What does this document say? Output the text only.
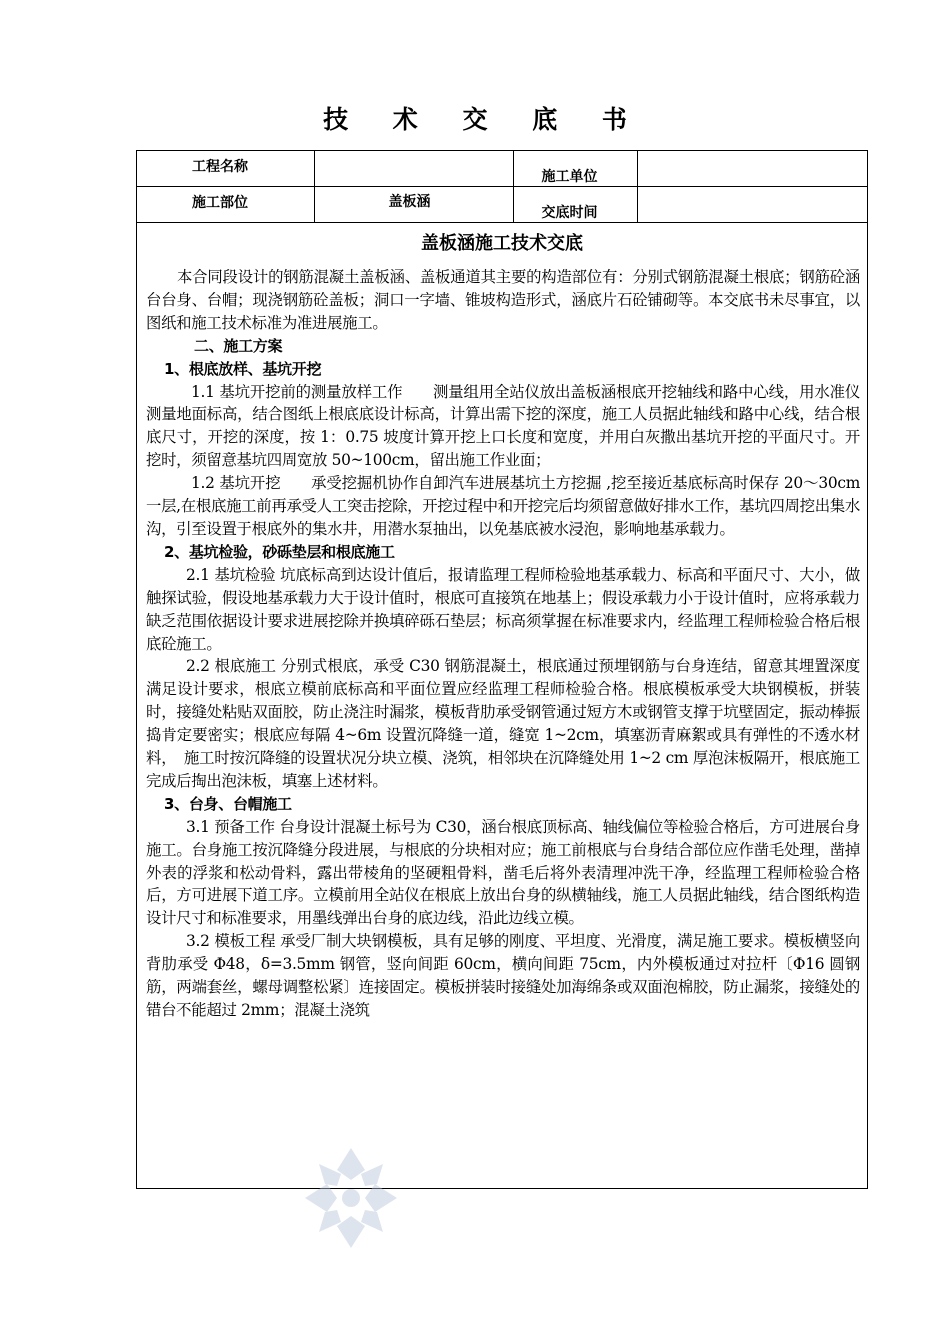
技 术 交 底 书
工程名称		施工单位	
施工部位	盖板涵	交底时间	
盖板涵施工技术交底

本合同段设计的钢筋混凝土盖板涵、盖板通道其主要的构造部位有：分别式钢筋混凝土根底；钢筋砼涵台台身、台帽；现浇钢筋砼盖板；洞口一字墙、锥坡构造形式，涵底片石砼铺砌等。本交底书未尽事宜，以图纸和施工技术标准为准进展施工。

二、施工方案

1、根底放样、基坑开挖

1.1 基坑开挖前的测量放样工作　　测量组用全站仪放出盖板涵根底开挖轴线和路中心线，用水准仪测量地面标高，结合图纸上根底底设计标高，计算出需下挖的深度，施工人员据此轴线和路中心线，结合根底尺寸，开挖的深度，按 1：0.75 坡度计算开挖上口长度和宽度，并用白灰撒出基坑开挖的平面尺寸。开挖时，须留意基坑四周宽放 50~100cm，留出施工作业面；

1.2 基坑开挖　　承受挖掘机协作自卸汽车进展基坑土方挖掘 ,挖至接近基底标高时保存 20～30cm 一层,在根底施工前再承受人工突击挖除，开挖过程中和开挖完后均须留意做好排水工作，基坑四周挖出集水沟，引至设置于根底外的集水井，用潜水泵抽出，以免基底被水浸泡，影响地基承载力。

2、基坑检验，砂砾垫层和根底施工

2.1 基坑检验 坑底标高到达设计值后，报请监理工程师检验地基承载力、标高和平面尺寸、大小，做触探试验，假设地基承载力大于设计值时，根底可直接筑在地基上；假设承载力小于设计值时，应将承载力缺乏范围依据设计要求进展挖除并换填碎砾石垫层；标高须掌握在标准要求内，经监理工程师检验合格后根底砼施工。

2.2 根底施工 分别式根底，承受 C30 钢筋混凝土，根底通过预埋钢筋与台身连结，留意其埋置深度满足设计要求，根底立模前底标高和平面位置应经监理工程师检验合格。根底模板承受大块钢模板，拼装时，接缝处粘贴双面胶，防止浇注时漏浆，模板背肋承受钢管通过短方木或钢管支撑于坑壁固定，振动棒振捣肯定要密实；根底应每隔 4~6m 设置沉降缝一道，缝宽 1~2cm，填塞沥青麻絮或具有弹性的不透水材料，　施工时按沉降缝的设置状况分块立模、浇筑，相邻块在沉降缝处用 1~2 cm 厚泡沫板隔开，根底施工完成后掏出泡沫板，填塞上述材料。

3、台身、台帽施工

3.1 预备工作 台身设计混凝土标号为 C30，涵台根底顶标高、轴线偏位等检验合格后，方可进展台身施工。台身施工按沉降缝分段进展，与根底的分块相对应；施工前根底与台身结合部位应作凿毛处理，凿掉外表的浮浆和松动骨料，露出带棱角的坚硬粗骨料，凿毛后将外表清理冲洗干净，经监理工程师检验合格后，方可进展下道工序。立模前用全站仪在根底上放出台身的纵横轴线，施工人员据此轴线，结合图纸构造设计尺寸和标准要求，用墨线弹出台身的底边线，沿此边线立模。

3.2 模板工程 承受厂制大块钢模板，具有足够的刚度、平坦度、光滑度，满足施工要求。模板横竖向背肋承受 Φ48，δ=3.5mm 钢管，竖向间距 60cm，横向间距 75cm，内外模板通过对拉杆〔Φ16 圆钢筋，两端套丝，螺母调整松紧〕连接固定。模板拼装时接缝处加海绵条或双面泡棉胶，防止漏浆，接缝处的错台不能超过 2mm；混凝土浇筑
